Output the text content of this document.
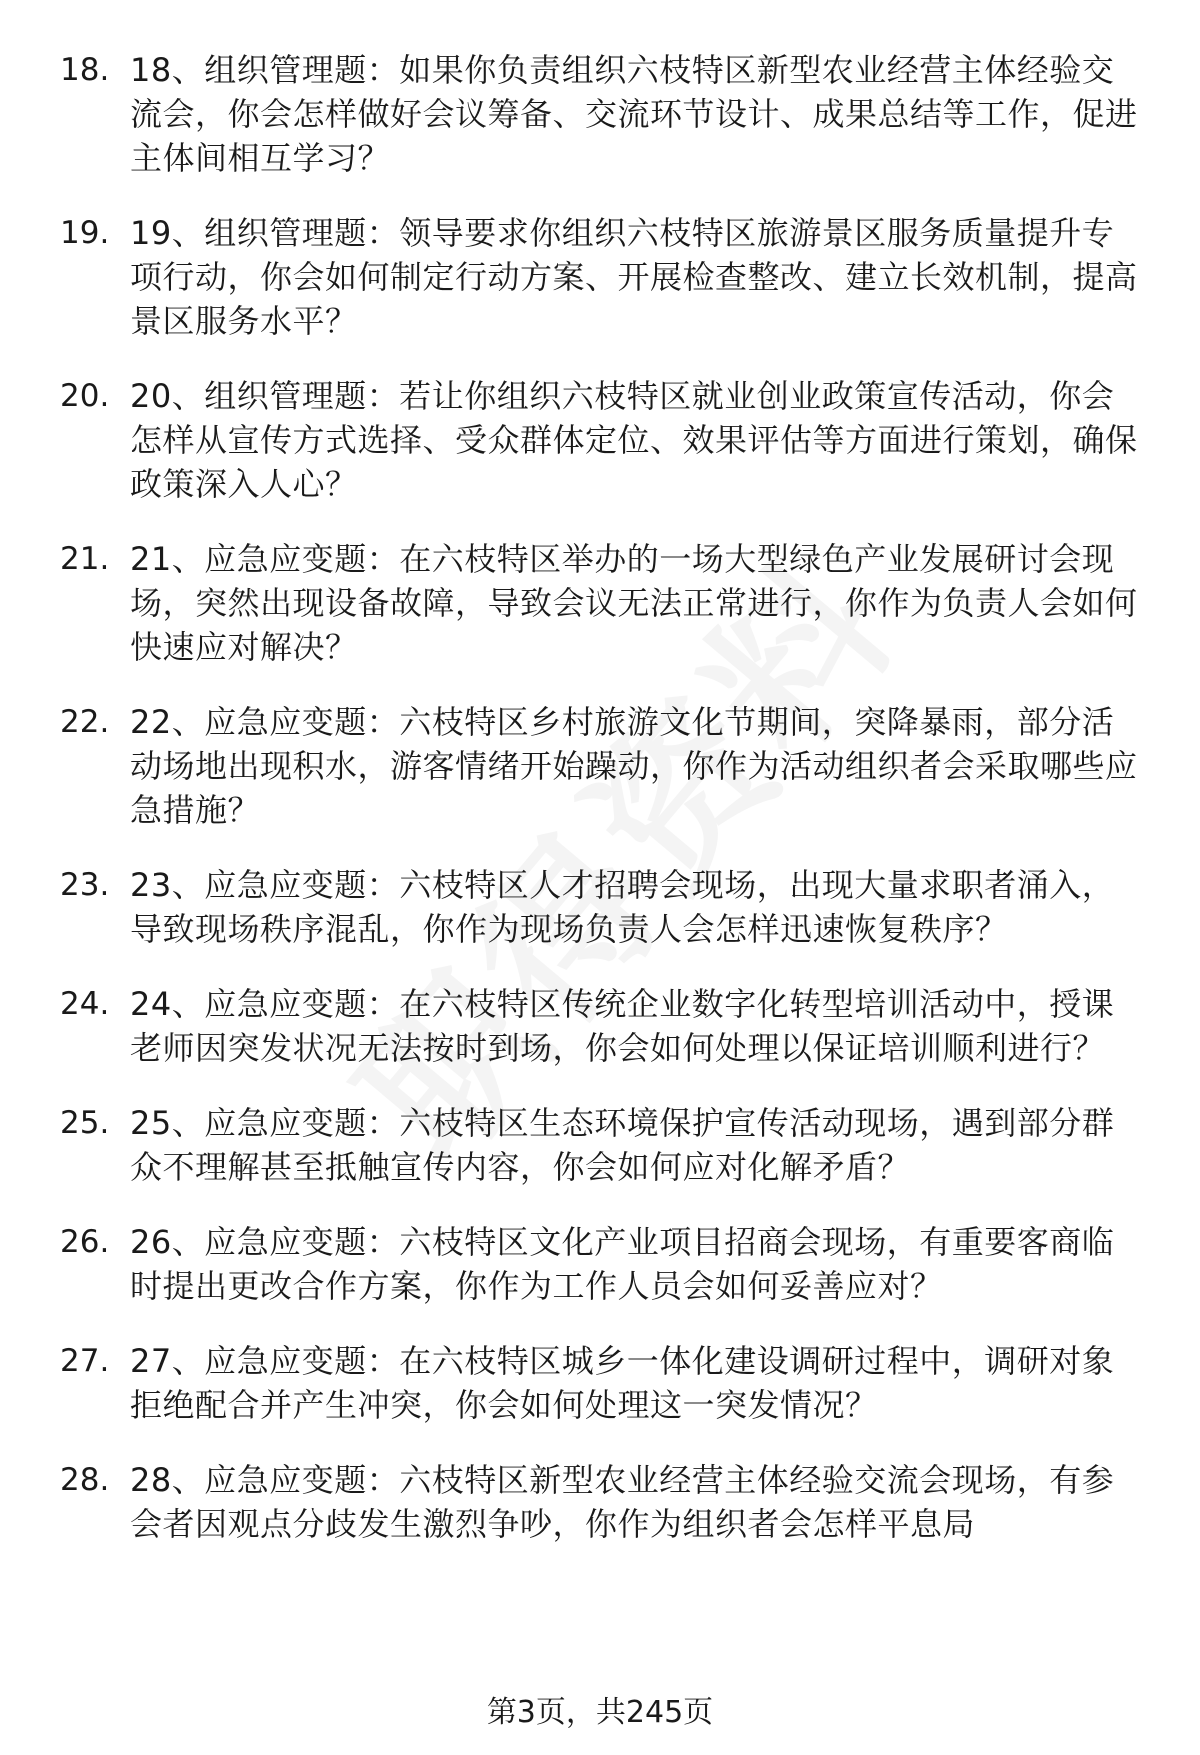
18. 18、组织管理题：如果你负责组织六枝特区新型农业经营主体经验交流会，你会怎样做好会议筹备、交流环节设计、成果总结等工作，促进主体间相互学习？
19. 19、组织管理题：领导要求你组织六枝特区旅游景区服务质量提升专项行动，你会如何制定行动方案、开展检查整改、建立长效机制，提高景区服务水平？
20. 20、组织管理题：若让你组织六枝特区就业创业政策宣传活动，你会怎样从宣传方式选择、受众群体定位、效果评估等方面进行策划，确保政策深入人心？
21. 21、应急应变题：在六枝特区举办的一场大型绿色产业发展研讨会现场，突然出现设备故障，导致会议无法正常进行，你作为负责人会如何快速应对解决？
22. 22、应急应变题：六枝特区乡村旅游文化节期间，突降暴雨，部分活动场地出现积水，游客情绪开始躁动，你作为活动组织者会采取哪些应急措施？
23. 23、应急应变题：六枝特区人才招聘会现场，出现大量求职者涌入，导致现场秩序混乱，你作为现场负责人会怎样迅速恢复秩序？
24. 24、应急应变题：在六枝特区传统企业数字化转型培训活动中，授课老师因突发状况无法按时到场，你会如何处理以保证培训顺利进行？
25. 25、应急应变题：六枝特区生态环境保护宣传活动现场，遇到部分群众不理解甚至抵触宣传内容，你会如何应对化解矛盾？
26. 26、应急应变题：六枝特区文化产业项目招商会现场，有重要客商临时提出更改合作方案，你作为工作人员会如何妥善应对？
27. 27、应急应变题：在六枝特区城乡一体化建设调研过程中，调研对象拒绝配合并产生冲突，你会如何处理这一突发情况？
28. 28、应急应变题：六枝特区新型农业经营主体经验交流会现场，有参会者因观点分歧发生激烈争吵，你作为组织者会怎样平息局
第3页，共245页
